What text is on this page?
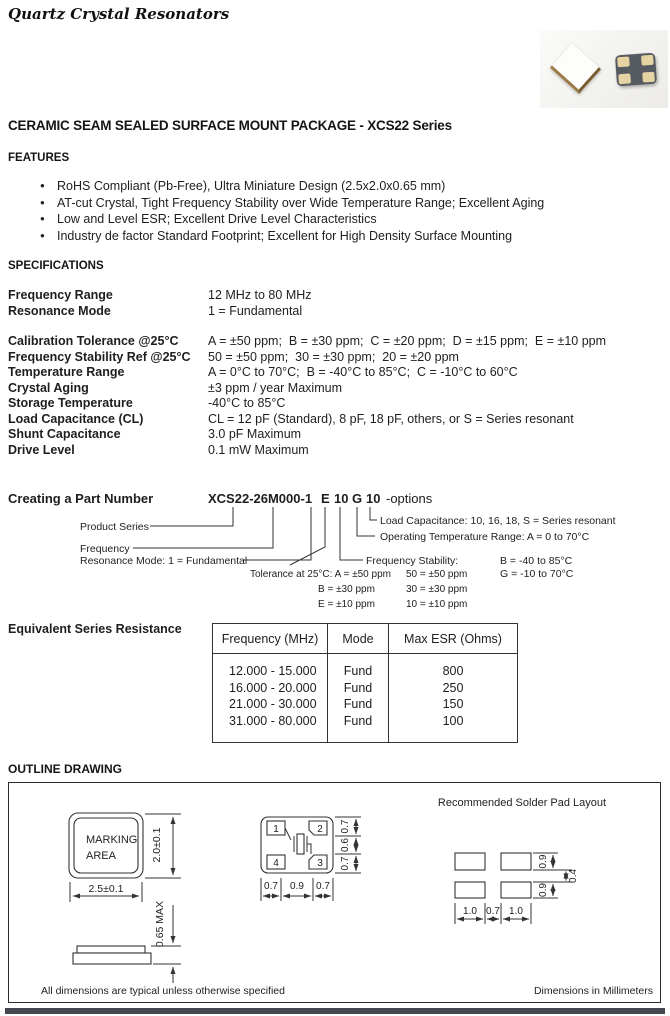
Quartz Crystal Resonators
CERAMIC SEAM SEALED SURFACE MOUNT PACKAGE - XCS22 Series
FEATURES
● RoHS Compliant (Pb-Free), Ultra Miniature Design (2.5x2.0x0.65 mm)
● AT-cut Crystal, Tight Frequency Stability over Wide Temperature Range; Excellent Aging
● Low and Level ESR; Excellent Drive Level Characteristics
● Industry de factor Standard Footprint; Excellent for High Density Surface Mounting
SPECIFICATIONS
Frequency Range	12 MHz to 80 MHz
Resonance Mode	1 = Fundamental
Calibration Tolerance @25°C	A = ±50 ppm;  B = ±30 ppm;  C = ±20 ppm;  D = ±15 ppm;  E = ±10 ppm
Frequency Stability Ref @25°C	50 = ±50 ppm;  30 = ±30 ppm;  20 = ±20 ppm
Temperature Range	A = 0°C to 70°C;  B = -40°C to 85°C;  C = -10°C to 60°C
Crystal Aging	±3 ppm / year Maximum
Storage Temperature	-40°C to 85°C
Load Capacitance (CL)	CL = 12 pF (Standard), 8 pF, 18 pF, others, or S = Series resonant
Shunt Capacitance	3.0 pF Maximum
Drive Level	0.1 mW Maximum
Creating a Part Number	XCS22-26M000-1 E 10 G 10 -options
Product Series
Frequency
Resonance Mode: 1 = Fundamental
Tolerance at 25°C: A = ±50 ppm
B = ±30 ppm
E = ±10 ppm
Frequency Stability:
50 = ±50 ppm
30 = ±30 ppm
10 = ±10 ppm
Load Capacitance: 10, 16, 18, S = Series resonant
Operating Temperature Range: A = 0 to 70°C
B = -40 to 85°C
G = -10 to 70°C
Equivalent Series Resistance
Frequency (MHz)	Mode	Max ESR (Ohms)
12.000 - 15.000	Fund	800
16.000 - 20.000	Fund	250
21.000 - 30.000	Fund	150
31.000 - 80.000	Fund	100
OUTLINE DRAWING
MARKING
AREA	2.0±0.1
2.5±0.1
0.65 MAX
1	2
3
4
0.7
0.6
0.7
0.7 0.9 0.7
Recommended Solder Pad Layout
0.9
0.4
0.9
1.0 0.7 1.0
All dimensions are typical unless otherwise specified	Dimensions in Millimeters
